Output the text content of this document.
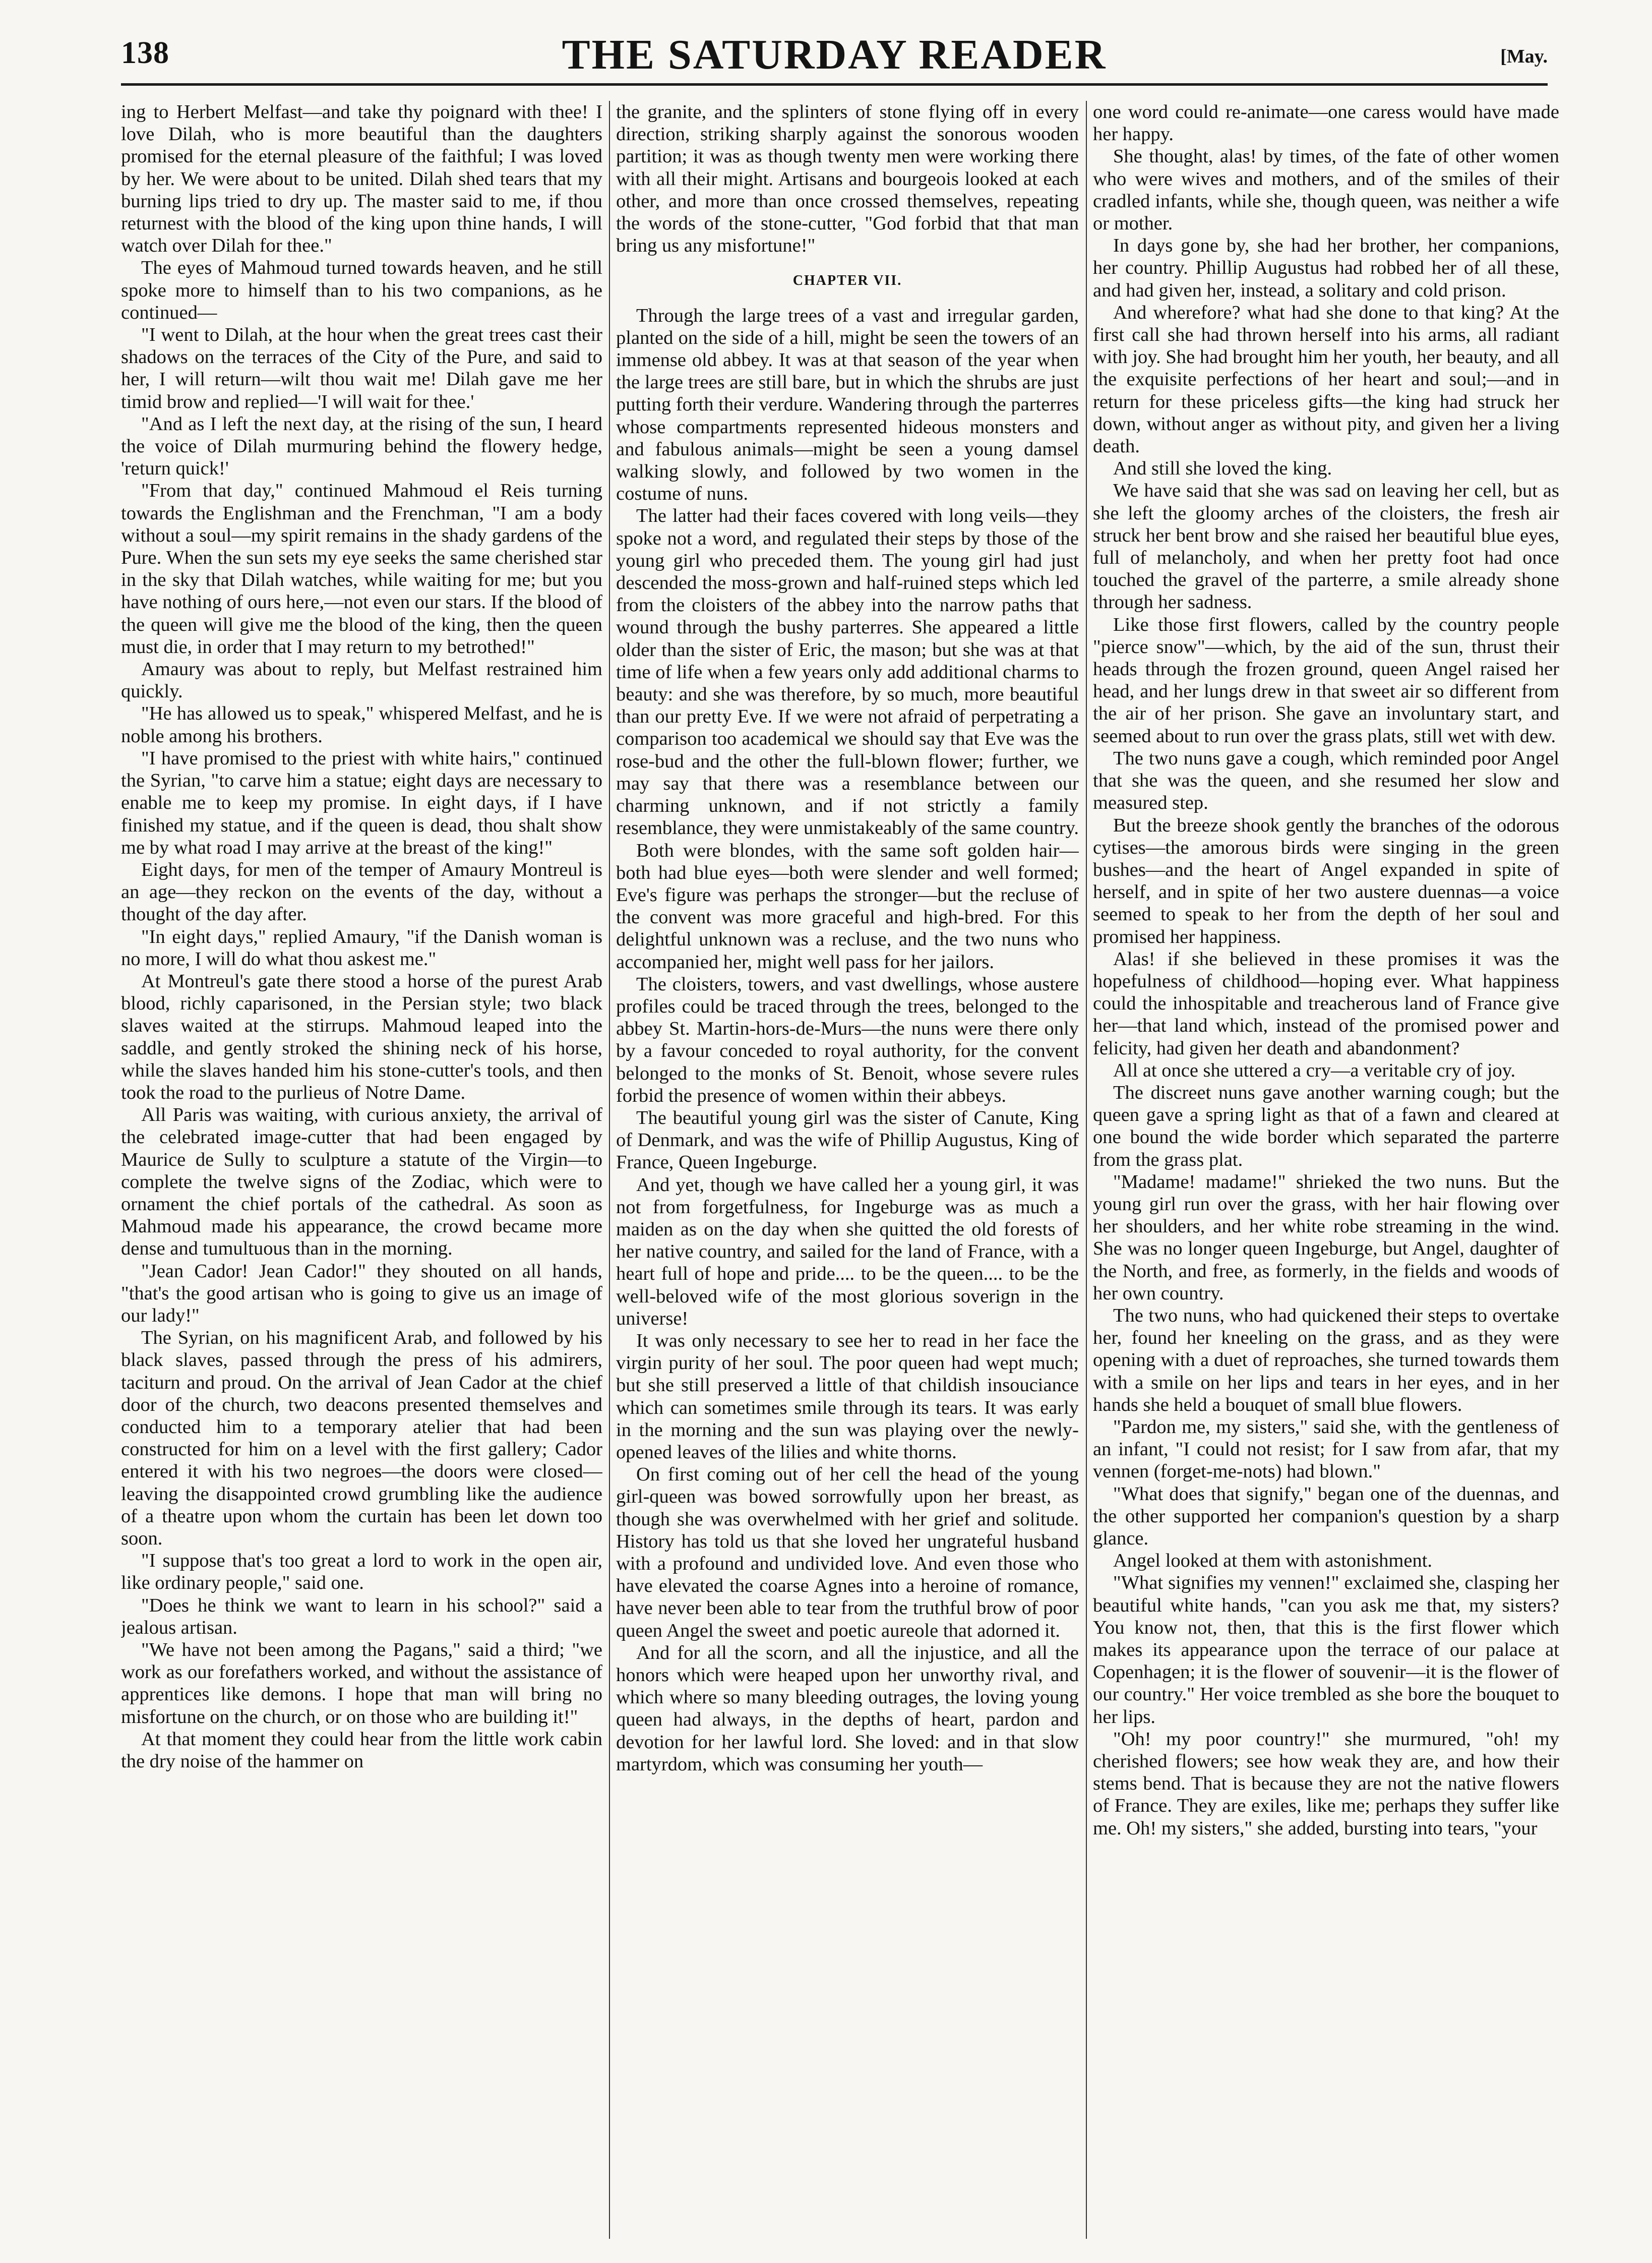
138	THE SATURDAY READER	[May.

ing to Herbert Melfast—and take thy poignard with thee! I love Dilah, who is more beautiful than the daughters promised for the eternal pleasure of the faithful; I was loved by her. We were about to be united. Dilah shed tears that my burning lips tried to dry up. The master said to me, if thou returnest with the blood of the king upon thine hands, I will watch over Dilah for thee."

The eyes of Mahmoud turned towards heaven, and he still spoke more to himself than to his two companions, as he continued—

"I went to Dilah, at the hour when the great trees cast their shadows on the terraces of the City of the Pure, and said to her, I will return—wilt thou wait me! Dilah gave me her timid brow and replied—'I will wait for thee.'

"And as I left the next day, at the rising of the sun, I heard the voice of Dilah murmuring behind the flowery hedge, 'return quick!'

"From that day," continued Mahmoud el Reis turning towards the Englishman and the Frenchman, "I am a body without a soul—my spirit remains in the shady gardens of the Pure. When the sun sets my eye seeks the same cherished star in the sky that Dilah watches, while waiting for me; but you have nothing of ours here,—not even our stars. If the blood of the queen will give me the blood of the king, then the queen must die, in order that I may return to my betrothed!"

Amaury was about to reply, but Melfast restrained him quickly.

"He has allowed us to speak," whispered Melfast, and he is noble among his brothers.

"I have promised to the priest with white hairs," continued the Syrian, "to carve him a statue; eight days are necessary to enable me to keep my promise. In eight days, if I have finished my statue, and if the queen is dead, thou shalt show me by what road I may arrive at the breast of the king!"

Eight days, for men of the temper of Amaury Montreul is an age—they reckon on the events of the day, without a thought of the day after.

"In eight days," replied Amaury, "if the Danish woman is no more, I will do what thou askest me."

At Montreul's gate there stood a horse of the purest Arab blood, richly caparisoned, in the Persian style; two black slaves waited at the stirrups. Mahmoud leaped into the saddle, and gently stroked the shining neck of his horse, while the slaves handed him his stone-cutter's tools, and then took the road to the purlieus of Notre Dame.

All Paris was waiting, with curious anxiety, the arrival of the celebrated image-cutter that had been engaged by Maurice de Sully to sculpture a statute of the Virgin—to complete the twelve signs of the Zodiac, which were to ornament the chief portals of the cathedral. As soon as Mahmoud made his appearance, the crowd became more dense and tumultuous than in the morning.

"Jean Cador! Jean Cador!" they shouted on all hands, "that's the good artisan who is going to give us an image of our lady!"

The Syrian, on his magnificent Arab, and followed by his black slaves, passed through the press of his admirers, taciturn and proud. On the arrival of Jean Cador at the chief door of the church, two deacons presented themselves and conducted him to a temporary atelier that had been constructed for him on a level with the first gallery; Cador entered it with his two negroes—the doors were closed—leaving the disappointed crowd grumbling like the audience of a theatre upon whom the curtain has been let down too soon.

"I suppose that's too great a lord to work in the open air, like ordinary people," said one.

"Does he think we want to learn in his school?" said a jealous artisan.

"We have not been among the Pagans," said a third; "we work as our forefathers worked, and without the assistance of apprentices like demons. I hope that man will bring no misfortune on the church, or on those who are building it!"

At that moment they could hear from the little work cabin the dry noise of the hammer on

the granite, and the splinters of stone flying off in every direction, striking sharply against the sonorous wooden partition; it was as though twenty men were working there with all their might. Artisans and bourgeois looked at each other, and more than once crossed themselves, repeating the words of the stone-cutter, "God forbid that that man bring us any misfortune!"

CHAPTER VII.

Through the large trees of a vast and irregular garden, planted on the side of a hill, might be seen the towers of an immense old abbey. It was at that season of the year when the large trees are still bare, but in which the shrubs are just putting forth their verdure. Wandering through the parterres whose compartments represented hideous monsters and and fabulous animals—might be seen a young damsel walking slowly, and followed by two women in the costume of nuns.

The latter had their faces covered with long veils—they spoke not a word, and regulated their steps by those of the young girl who preceded them. The young girl had just descended the moss-grown and half-ruined steps which led from the cloisters of the abbey into the narrow paths that wound through the bushy parterres. She appeared a little older than the sister of Eric, the mason; but she was at that time of life when a few years only add additional charms to beauty: and she was therefore, by so much, more beautiful than our pretty Eve. If we were not afraid of perpetrating a comparison too academical we should say that Eve was the rose-bud and the other the full-blown flower; further, we may say that there was a resemblance between our charming unknown, and if not strictly a family resemblance, they were unmistakeably of the same country.

Both were blondes, with the same soft golden hair—both had blue eyes—both were slender and well formed; Eve's figure was perhaps the stronger—but the recluse of the convent was more graceful and high-bred. For this delightful unknown was a recluse, and the two nuns who accompanied her, might well pass for her jailors.

The cloisters, towers, and vast dwellings, whose austere profiles could be traced through the trees, belonged to the abbey St. Martin-hors-de-Murs—the nuns were there only by a favour conceded to royal authority, for the convent belonged to the monks of St. Benoit, whose severe rules forbid the presence of women within their abbeys.

The beautiful young girl was the sister of Canute, King of Denmark, and was the wife of Phillip Augustus, King of France, Queen Ingeburge.

And yet, though we have called her a young girl, it was not from forgetfulness, for Ingeburge was as much a maiden as on the day when she quitted the old forests of her native country, and sailed for the land of France, with a heart full of hope and pride.... to be the queen.... to be the well-beloved wife of the most glorious soverign in the universe!

It was only necessary to see her to read in her face the virgin purity of her soul. The poor queen had wept much; but she still preserved a little of that childish insouciance which can sometimes smile through its tears. It was early in the morning and the sun was playing over the newly-opened leaves of the lilies and white thorns.

On first coming out of her cell the head of the young girl-queen was bowed sorrowfully upon her breast, as though she was overwhelmed with her grief and solitude. History has told us that she loved her ungrateful husband with a profound and undivided love. And even those who have elevated the coarse Agnes into a heroine of romance, have never been able to tear from the truthful brow of poor queen Angel the sweet and poetic aureole that adorned it.

And for all the scorn, and all the injustice, and all the honors which were heaped upon her unworthy rival, and which where so many bleeding outrages, the loving young queen had always, in the depths of heart, pardon and devotion for her lawful lord. She loved: and in that slow martyrdom, which was consuming her youth—

one word could re-animate—one caress would have made her happy.

She thought, alas! by times, of the fate of other women who were wives and mothers, and of the smiles of their cradled infants, while she, though queen, was neither a wife or mother.

In days gone by, she had her brother, her companions, her country. Phillip Augustus had robbed her of all these, and had given her, instead, a solitary and cold prison.

And wherefore? what had she done to that king? At the first call she had thrown herself into his arms, all radiant with joy. She had brought him her youth, her beauty, and all the exquisite perfections of her heart and soul;—and in return for these priceless gifts—the king had struck her down, without anger as without pity, and given her a living death.

And still she loved the king.

We have said that she was sad on leaving her cell, but as she left the gloomy arches of the cloisters, the fresh air struck her bent brow and she raised her beautiful blue eyes, full of melancholy, and when her pretty foot had once touched the gravel of the parterre, a smile already shone through her sadness.

Like those first flowers, called by the country people "pierce snow"—which, by the aid of the sun, thrust their heads through the frozen ground, queen Angel raised her head, and her lungs drew in that sweet air so different from the air of her prison. She gave an involuntary start, and seemed about to run over the grass plats, still wet with dew.

The two nuns gave a cough, which reminded poor Angel that she was the queen, and she resumed her slow and measured step.

But the breeze shook gently the branches of the odorous cytises—the amorous birds were singing in the green bushes—and the heart of Angel expanded in spite of herself, and in spite of her two austere duennas—a voice seemed to speak to her from the depth of her soul and promised her happiness.

Alas! if she believed in these promises it was the hopefulness of childhood—hoping ever. What happiness could the inhospitable and treacherous land of France give her—that land which, instead of the promised power and felicity, had given her death and abandonment?

All at once she uttered a cry—a veritable cry of joy.

The discreet nuns gave another warning cough; but the queen gave a spring light as that of a fawn and cleared at one bound the wide border which separated the parterre from the grass plat.

"Madame! madame!" shrieked the two nuns. But the young girl run over the grass, with her hair flowing over her shoulders, and her white robe streaming in the wind. She was no longer queen Ingeburge, but Angel, daughter of the North, and free, as formerly, in the fields and woods of her own country.

The two nuns, who had quickened their steps to overtake her, found her kneeling on the grass, and as they were opening with a duet of reproaches, she turned towards them with a smile on her lips and tears in her eyes, and in her hands she held a bouquet of small blue flowers.

"Pardon me, my sisters," said she, with the gentleness of an infant, "I could not resist; for I saw from afar, that my vennen (forget-me-nots) had blown."

"What does that signify," began one of the duennas, and the other supported her companion's question by a sharp glance.

Angel looked at them with astonishment.

"What signifies my vennen!" exclaimed she, clasping her beautiful white hands, "can you ask me that, my sisters? You know not, then, that this is the first flower which makes its appearance upon the terrace of our palace at Copenhagen; it is the flower of souvenir—it is the flower of our country." Her voice trembled as she bore the bouquet to her lips.

"Oh! my poor country!" she murmured, "oh! my cherished flowers; see how weak they are, and how their stems bend. That is because they are not the native flowers of France. They are exiles, like me; perhaps they suffer like me. Oh! my sisters," she added, bursting into tears, "your
